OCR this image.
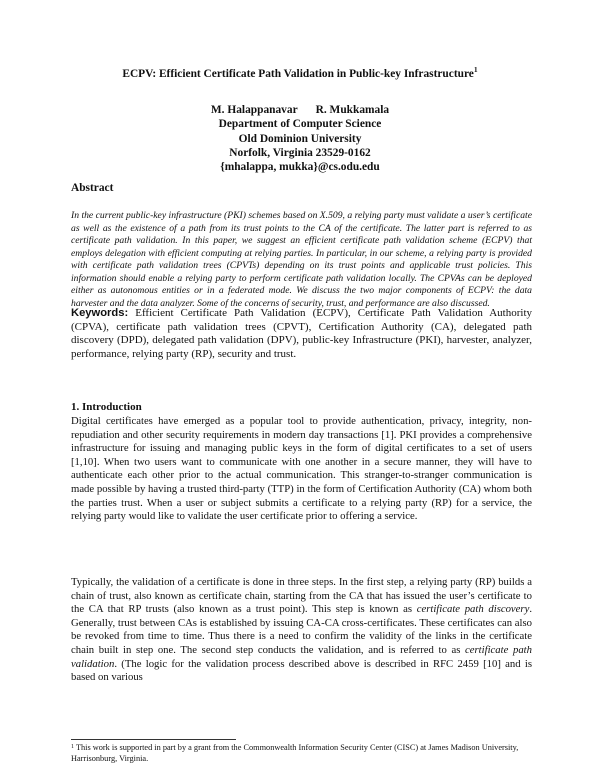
ECPV: Efficient Certificate Path Validation in Public-key Infrastructure$^1$
M. Halappanavar R. Mukkamala
Department of Computer Science
Old Dominion University
Norfolk, Virginia 23529-0162
{mhalappa, mukka}@cs.odu.edu
Abstract

In the current public-key infrastructure (PKI) schemes based on X.509, a relying party must validate a user’s certificate as well as the existence of a path from its trust points to the CA of the certificate. The latter part is referred to as certificate path validation. In this paper, we suggest an efficient certificate path validation scheme (ECPV) that employs delegation with efficient computing at relying parties. In particular, in our scheme, a relying party is provided with certificate path validation trees (CPVTs) depending on its trust points and applicable trust policies. This information should enable a relying party to perform certificate path validation locally. The CPVAs can be deployed either as autonomous entities or in a federated mode. We discuss the two major components of ECPV: the data harvester and the data analyzer. Some of the concerns of security, trust, and performance are also discussed.

Keywords: Efficient Certificate Path Validation (ECPV), Certificate Path Validation Authority (CPVA), certificate path validation trees (CPVT), Certification Authority (CA), delegated path discovery (DPD), delegated path validation (DPV), public-key Infrastructure (PKI), harvester, analyzer, performance, relying party (RP), security and trust.

1. Introduction

Digital certificates have emerged as a popular tool to provide authentication, privacy, integrity, non-repudiation and other security requirements in modern day transactions [1]. PKI provides a comprehensive infrastructure for issuing and managing public keys in the form of digital certificates to a set of users [1,10]. When two users want to communicate with one another in a secure manner, they will have to authenticate each other prior to the actual communication. This stranger-to-stranger communication is made possible by having a trusted third-party (TTP) in the form of Certification Authority (CA) whom both the parties trust. When a user or subject submits a certificate to a relying party (RP) for a service, the relying party would like to validate the user certificate prior to offering a service.

Typically, the validation of a certificate is done in three steps. In the first step, a relying party (RP) builds a chain of trust, also known as certificate chain, starting from the CA that has issued the user’s certificate to the CA that RP trusts (also known as a trust point). This step is known as certificate path discovery. Generally, trust between CAs is established by issuing CA-CA cross-certificates. These certificates can also be revoked from time to time. Thus there is a need to confirm the validity of the links in the certificate chain built in step one. The second step conducts the validation, and is referred to as certificate path validation. (The logic for the validation process described above is described in RFC 2459 [10] and is based on various

$^1$ This work is supported in part by a grant from the Commonwealth Information Security Center (CISC) at James Madison University, Harrisonburg, Virginia.
